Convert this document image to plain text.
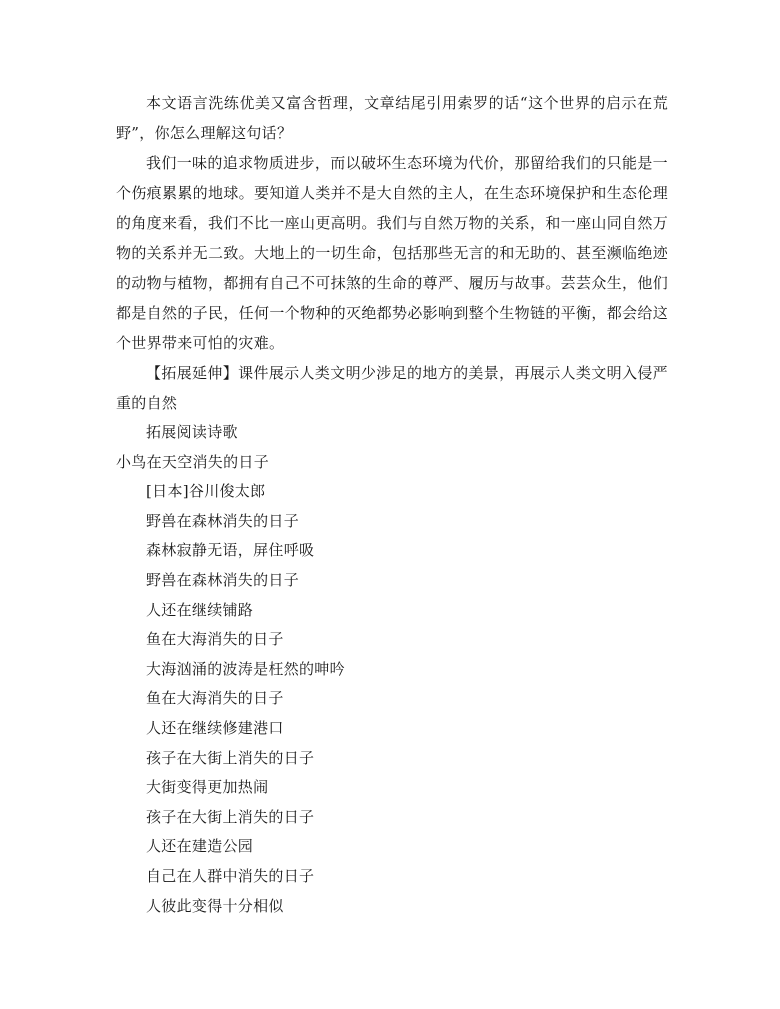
本文语言洗练优美又富含哲理，文章结尾引用索罗的话“这个世界的启示在荒野”，你怎么理解这句话？

我们一味的追求物质进步，而以破坏生态环境为代价，那留给我们的只能是一个伤痕累累的地球。要知道人类并不是大自然的主人，在生态环境保护和生态伦理的角度来看，我们不比一座山更高明。我们与自然万物的关系，和一座山同自然万物的关系并无二致。大地上的一切生命，包括那些无言的和无助的、甚至濒临绝迹的动物与植物，都拥有自己不可抹煞的生命的尊严、履历与故事。芸芸众生，他们都是自然的子民，任何一个物种的灭绝都势必影响到整个生物链的平衡，都会给这个世界带来可怕的灾难。

【拓展延伸】课件展示人类文明少涉足的地方的美景，再展示人类文明入侵严重的自然

拓展阅读诗歌

小鸟在天空消失的日子

[日本]谷川俊太郎

野兽在森林消失的日子

森林寂静无语，屏住呼吸

野兽在森林消失的日子

人还在继续铺路

鱼在大海消失的日子

大海汹涌的波涛是枉然的呻吟

鱼在大海消失的日子

人还在继续修建港口

孩子在大街上消失的日子

大街变得更加热闹

孩子在大街上消失的日子

人还在建造公园

自己在人群中消失的日子

人彼此变得十分相似
